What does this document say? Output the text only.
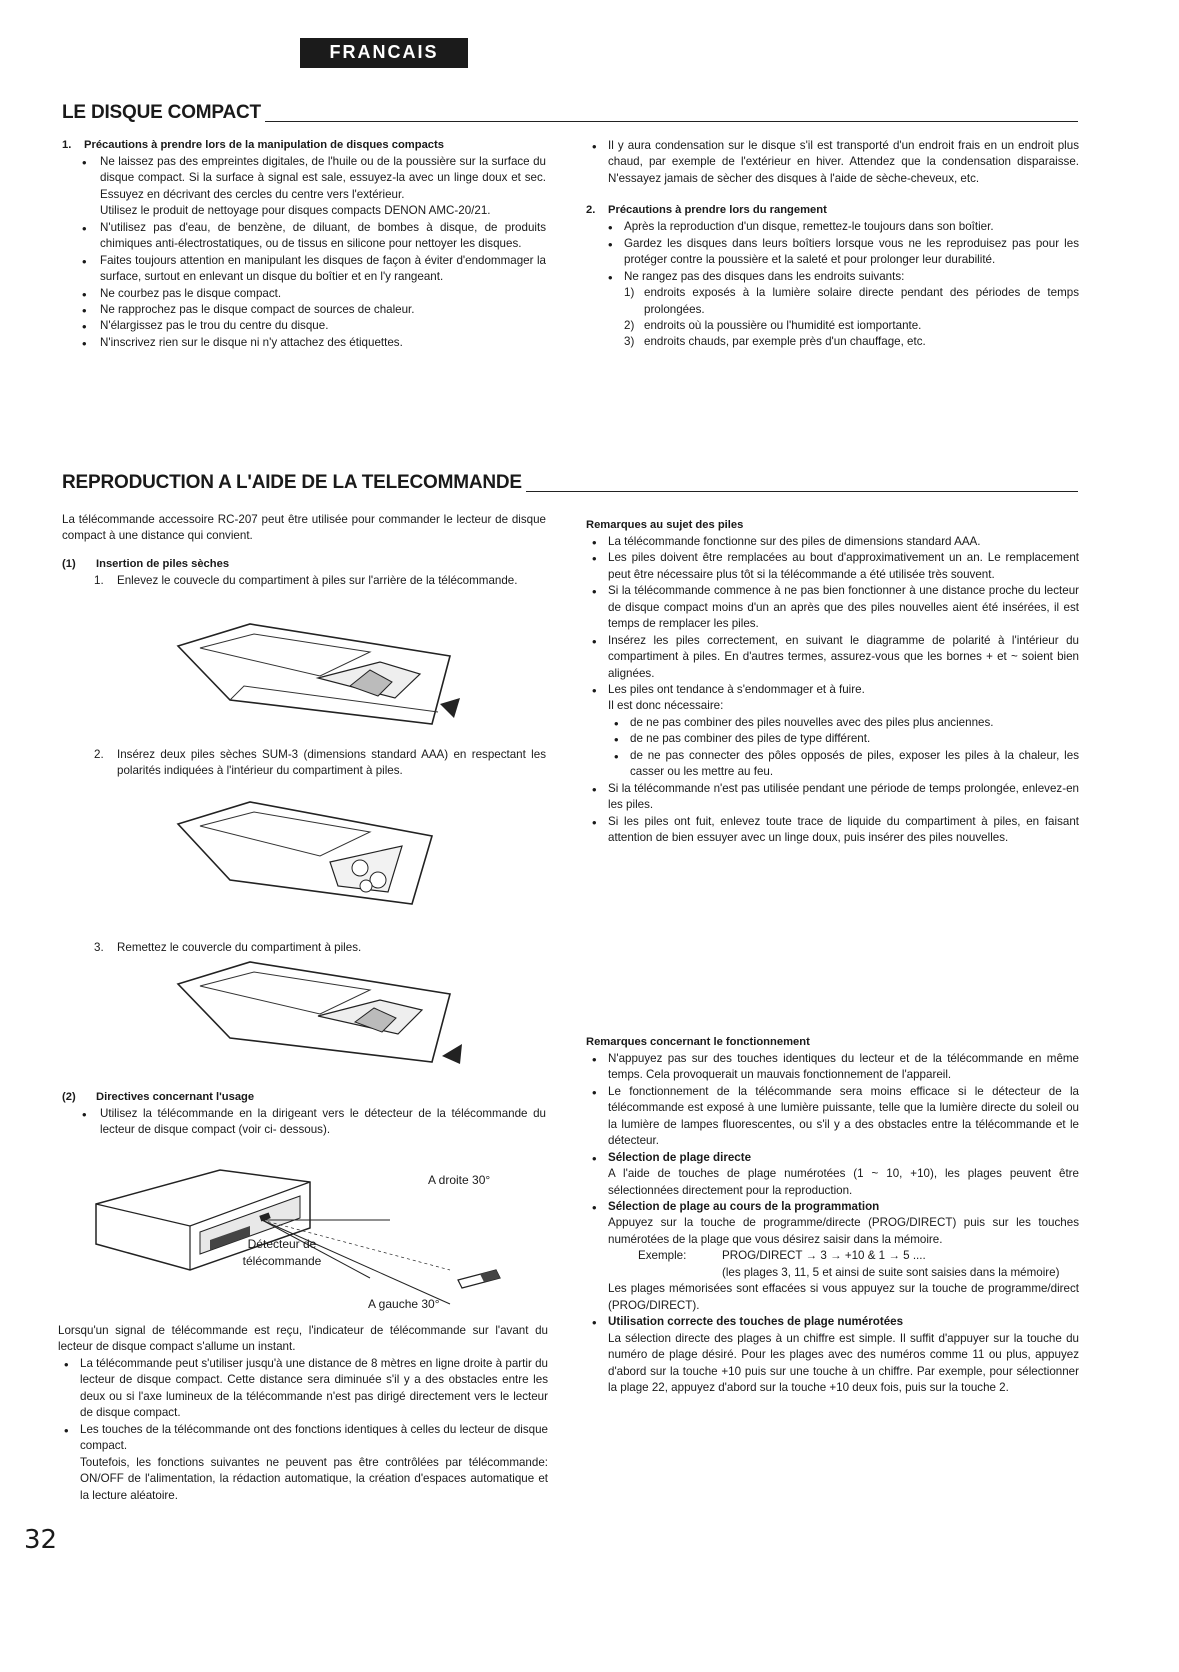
FRANCAIS
LE DISQUE COMPACT
1. Précautions à prendre lors de la manipulation de disques compacts
• Ne laissez pas des empreintes digitales, de l'huile ou de la poussière sur la surface du disque compact. Si la surface à signal est sale, essuyez-la avec un linge doux et sec. Essuyez en décrivant des cercles du centre vers l'extérieur.
Utilisez le produit de nettoyage pour disques compacts DENON AMC-20/21.
• N'utilisez pas d'eau, de benzène, de diluant, de bombes à disque, de produits chimiques anti-électrostatiques, ou de tissus en silicone pour nettoyer les disques.
• Faites toujours attention en manipulant les disques de façon à éviter d'endommager la surface, surtout en enlevant un disque du boîtier et en l'y rangeant.
• Ne courbez pas le disque compact.
• Ne rapprochez pas le disque compact de sources de chaleur.
• N'élargissez pas le trou du centre du disque.
• N'inscrivez rien sur le disque ni n'y attachez des étiquettes.
• Il y aura condensation sur le disque s'il est transporté d'un endroit frais en un endroit plus chaud, par exemple de l'extérieur en hiver. Attendez que la condensation disparaisse. N'essayez jamais de sècher des disques à l'aide de sèche-cheveux, etc.
2. Précautions à prendre lors du rangement
• Après la reproduction d'un disque, remettez-le toujours dans son boîtier.
• Gardez les disques dans leurs boîtiers lorsque vous ne les reproduisez pas pour les protéger contre la poussière et la saleté et pour prolonger leur durabilité.
• Ne rangez pas des disques dans les endroits suivants:
1) endroits exposés à la lumière solaire directe pendant des périodes de temps prolongées.
2) endroits où la poussière ou l'humidité est iomportante.
3) endroits chauds, par exemple près d'un chauffage, etc.
REPRODUCTION A L'AIDE DE LA TELECOMMANDE

La télécommande accessoire RC-207 peut être utilisée pour commander le lecteur de disque compact à une distance qui convient.

(1) Insertion de piles sèches

1. Enlevez le couvecle du compartiment à piles sur l'arrière de la télécommande.

2. Insérez deux piles sèches SUM-3 (dimensions standard AAA) en respectant les polarités indiquées à l'intérieur du compartiment à piles.

3. Remettez le couvercle du compartiment à piles.

(2) Directives concernant l'usage
• Utilisez la télécommande en la dirigeant vers le détecteur de la télécommande du lecteur de disque compact (voir ci- dessous).
A droite 30°
Détecteur de télécommande
A gauche 30°

Lorsqu'un signal de télécommande est reçu, l'indicateur de télécommande sur l'avant du lecteur de disque compact s'allume un instant.

• La télécommande peut s'utiliser jusqu'à une distance de 8 mètres en ligne droite à partir du lecteur de disque compact. Cette distance sera diminuée s'il y a des obstacles entre les deux ou si l'axe lumineux de la télécommande n'est pas dirigé directement vers le lecteur de disque compact.
• Les touches de la télécommande ont des fonctions identiques à celles du lecteur de disque compact.
Toutefois, les fonctions suivantes ne peuvent pas être contrôlées par télécommande: ON/OFF de l'alimentation, la rédaction automatique, la création d'espaces automatique et la lecture aléatoire.

Remarques au sujet des piles

• La télécommande fonctionne sur des piles de dimensions standard AAA.
• Les piles doivent être remplacées au bout d'approximativement un an. Le remplacement peut être nécessaire plus tôt si la télécommande a été utilisée très souvent.
• Si la télécommande commence à ne pas bien fonctionner à une distance proche du lecteur de disque compact moins d'un an après que des piles nouvelles aient été insérées, il est temps de remplacer les piles.
• Insérez les piles correctement, en suivant le diagramme de polarité à l'intérieur du compartiment à piles. En d'autres termes, assurez-vous que les bornes + et ~ soient bien alignées.
• Les piles ont tendance à s'endommager et à fuire.
Il est donc nécessaire:
• de ne pas combiner des piles nouvelles avec des piles plus anciennes.
• de ne pas combiner des piles de type différent.
• de ne pas connecter des pôles opposés de piles, exposer les piles à la chaleur, les casser ou les mettre au feu.
• Si la télécommande n'est pas utilisée pendant une période de temps prolongée, enlevez-en les piles.
• Si les piles ont fuit, enlevez toute trace de liquide du compartiment à piles, en faisant attention de bien essuyer avec un linge doux, puis insérer des piles nouvelles.

Remarques concernant le fonctionnement

• N'appuyez pas sur des touches identiques du lecteur et de la télécommande en même temps. Cela provoquerait un mauvais fonctionnement de l'appareil.
• Le fonctionnement de la télécommande sera moins efficace si le détecteur de la télécommande est exposé à une lumière puissante, telle que la lumière directe du soleil ou la lumière de lampes fluorescentes, ou s'il y a des obstacles entre la télécommande et le détecteur.
• Sélection de plage directe
A l'aide de touches de plage numérotées (1 ~ 10, +10), les plages peuvent être sélectionnées directement pour la reproduction.
• Sélection de plage au cours de la programmation
Appuyez sur la touche de programme/directe (PROG/DIRECT) puis sur les touches numérotées de la plage que vous désirez saisir dans la mémoire.
Exemple:	PROG/DIRECT → 3 → +10 & 1 → 5 ....
(les plages 3, 11, 5 et ainsi de suite sont saisies dans la mémoire)
Les plages mémorisées sont effacées si vous appuyez sur la touche de programme/direct (PROG/DIRECT).
• Utilisation correcte des touches de plage numérotées
La sélection directe des plages à un chiffre est simple. Il suffit d'appuyer sur la touche du numéro de plage désiré. Pour les plages avec des numéros comme 11 ou plus, appuyez d'abord sur la touche +10 puis sur une touche à un chiffre. Par exemple, pour sélectionner la plage 22, appuyez d'abord sur la touche +10 deux fois, puis sur la touche 2.
32
